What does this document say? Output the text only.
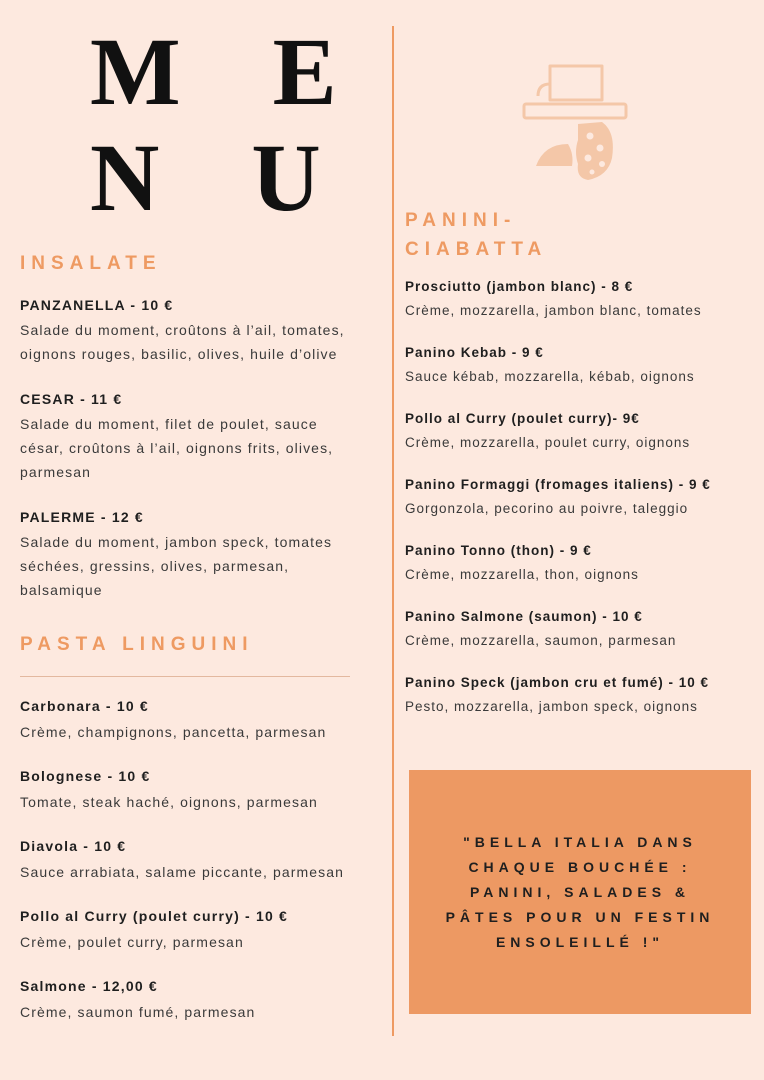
M E
N U
INSALATE
PANZANELLA - 10 €
Salade du moment, croûtons à l’ail, tomates,
oignons rouges, basilic, olives, huile d’olive
CESAR - 11 €
Salade du moment, filet de poulet, sauce
césar, croûtons à l’ail, oignons frits, olives,
parmesan
PALERME - 12 €
Salade du moment, jambon speck, tomates
séchées, gressins, olives, parmesan,
balsamique
PASTA LINGUINI
Carbonara - 10 €
Crème, champignons, pancetta, parmesan
Bolognese - 10 €
Tomate, steak haché, oignons, parmesan
Diavola - 10 €
Sauce arrabiata, salame piccante, parmesan
Pollo al Curry (poulet curry) - 10 €
Crème, poulet curry, parmesan
Salmone - 12,00 €
Crème, saumon fumé, parmesan
PANINI-
CIABATTA
Prosciutto (jambon blanc) - 8 €
Crème, mozzarella, jambon blanc, tomates
Panino Kebab - 9 €
Sauce kébab, mozzarella, kébab, oignons
Pollo al Curry (poulet curry)- 9€
Crème, mozzarella, poulet curry, oignons
Panino Formaggi (fromages italiens) - 9 €
Gorgonzola, pecorino au poivre, taleggio
Panino Tonno (thon) - 9 €
Crème, mozzarella, thon, oignons
Panino Salmone (saumon) - 10 €
Crème, mozzarella, saumon, parmesan
Panino Speck (jambon cru et fumé) - 10 €
Pesto, mozzarella, jambon speck, oignons
"BELLA ITALIA DANS
CHAQUE BOUCHÉE :
PANINI, SALADES &
PÂTES POUR UN FESTIN
ENSOLEILLÉ !"
